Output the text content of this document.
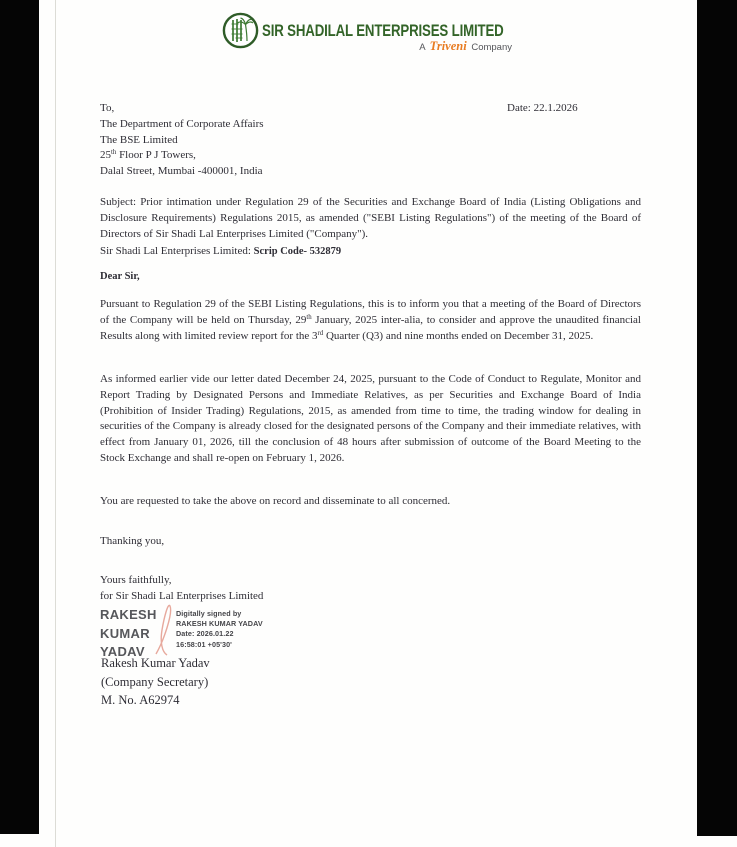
SIR SHADILAL ENTERPRISES LIMITED
A Triveni Company
Date: 22.1.2026
To,
The Department of Corporate Affairs
The BSE Limited
25th Floor P J Towers,
Dalal Street, Mumbai -400001, India
Subject: Prior intimation under Regulation 29 of the Securities and Exchange Board of India (Listing Obligations and Disclosure Requirements) Regulations 2015, as amended ("SEBI Listing Regulations") of the meeting of the Board of Directors of Sir Shadi Lal Enterprises Limited ("Company").
Sir Shadi Lal Enterprises Limited: Scrip Code- 532879
Dear Sir,
Pursuant to Regulation 29 of the SEBI Listing Regulations, this is to inform you that a meeting of the Board of Directors of the Company will be held on Thursday, 29th January, 2025 inter-alia, to consider and approve the unaudited financial Results along with limited review report for the 3rd Quarter (Q3) and nine months ended on December 31, 2025.
As informed earlier vide our letter dated December 24, 2025, pursuant to the Code of Conduct to Regulate, Monitor and Report Trading by Designated Persons and Immediate Relatives, as per Securities and Exchange Board of India (Prohibition of Insider Trading) Regulations, 2015, as amended from time to time, the trading window for dealing in securities of the Company is already closed for the designated persons of the Company and their immediate relatives, with effect from January 01, 2026, till the conclusion of 48 hours after submission of outcome of the Board Meeting to the Stock Exchange and shall re-open on February 1, 2026.
You are requested to take the above on record and disseminate to all concerned.
Thanking you,
Yours faithfully,
for Sir Shadi Lal Enterprises Limited
RAKESH
KUMAR
YADAV
Digitally signed by
RAKESH KUMAR YADAV
Date: 2026.01.22
16:58:01 +05'30'
Rakesh Kumar Yadav
(Company Secretary)
M. No. A62974
